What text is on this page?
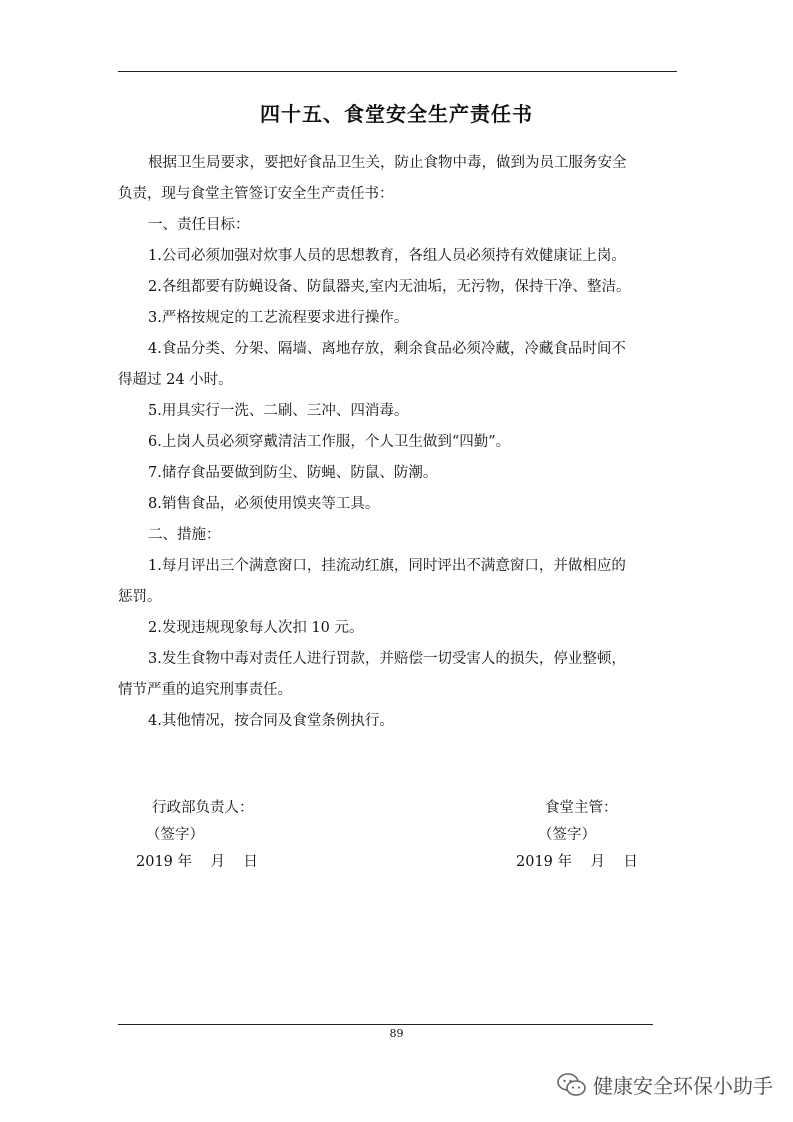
四十五、食堂安全生产责任书
根据卫生局要求，要把好食品卫生关，防止食物中毒，做到为员工服务安全
负责，现与食堂主管签订安全生产责任书：
一、责任目标：
1.公司必须加强对炊事人员的思想教育，各组人员必须持有效健康证上岗。
2.各组都要有防蝇设备、防鼠器夹,室内无油垢，无污物，保持干净、整洁。
3.严格按规定的工艺流程要求进行操作。
4.食品分类、分架、隔墙、离地存放，剩余食品必须冷藏，冷藏食品时间不
得超过 24 小时。
5.用具实行一洗、二刷、三冲、四消毒。
6.上岗人员必须穿戴清洁工作服，个人卫生做到“四勤”。
7.储存食品要做到防尘、防蝇、防鼠、防潮。
8.销售食品，必须使用馍夹等工具。
二、措施：
1.每月评出三个满意窗口，挂流动红旗，同时评出不满意窗口，并做相应的
惩罚。
2.发现违规现象每人次扣 10 元。
3.发生食物中毒对责任人进行罚款，并赔偿一切受害人的损失，停业整顿，
情节严重的追究刑事责任。
4.其他情况，按合同及食堂条例执行。
行政部负责人：
（签字）
2019 年    月    日
食堂主管：
（签字）
2019 年    月    日
89
健康安全环保小助手
